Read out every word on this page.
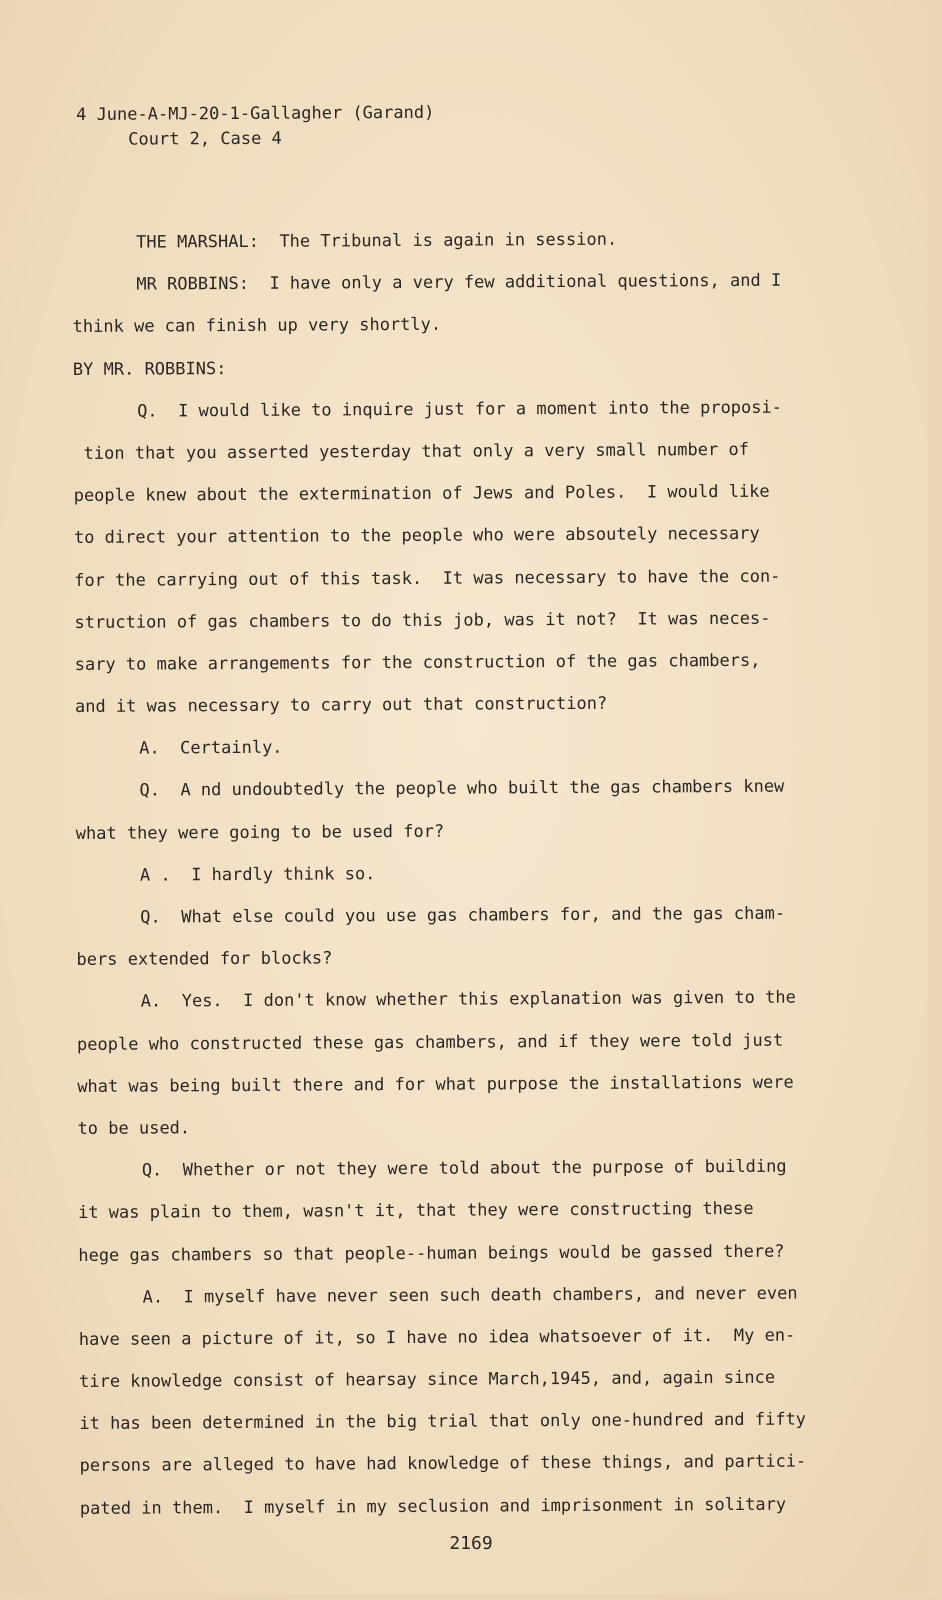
4 June-A-MJ-20-1-Gallagher (Garand)
Court 2, Case 4
THE MARSHAL:  The Tribunal is again in session.
MR ROBBINS:  I have only a very few additional questions, and I
think we can finish up very shortly.
BY MR. ROBBINS:
Q.  I would like to inquire just for a moment into the proposi-
tion that you asserted yesterday that only a very small number of
people knew about the extermination of Jews and Poles.  I would like
to direct your attention to the people who were absoutely necessary
for the carrying out of this task.  It was necessary to have the con-
struction of gas chambers to do this job, was it not?  It was neces-
sary to make arrangements for the construction of the gas chambers,
and it was necessary to carry out that construction?
A.  Certainly.
Q.  A nd undoubtedly the people who built the gas chambers knew
what they were going to be used for?
A .  I hardly think so.
Q.  What else could you use gas chambers for, and the gas cham-
bers extended for blocks?
A.  Yes.  I don't know whether this explanation was given to the
people who constructed these gas chambers, and if they were told just
what was being built there and for what purpose the installations were
to be used.
Q.  Whether or not they were told about the purpose of building
it was plain to them, wasn't it, that they were constructing these
hege gas chambers so that people--human beings would be gassed there?
A.  I myself have never seen such death chambers, and never even
have seen a picture of it, so I have no idea whatsoever of it.  My en-
tire knowledge consist of hearsay since March,1945, and, again since
it has been determined in the big trial that only one-hundred and fifty
persons are alleged to have had knowledge of these things, and partici-
pated in them.  I myself in my seclusion and imprisonment in solitary
2169
